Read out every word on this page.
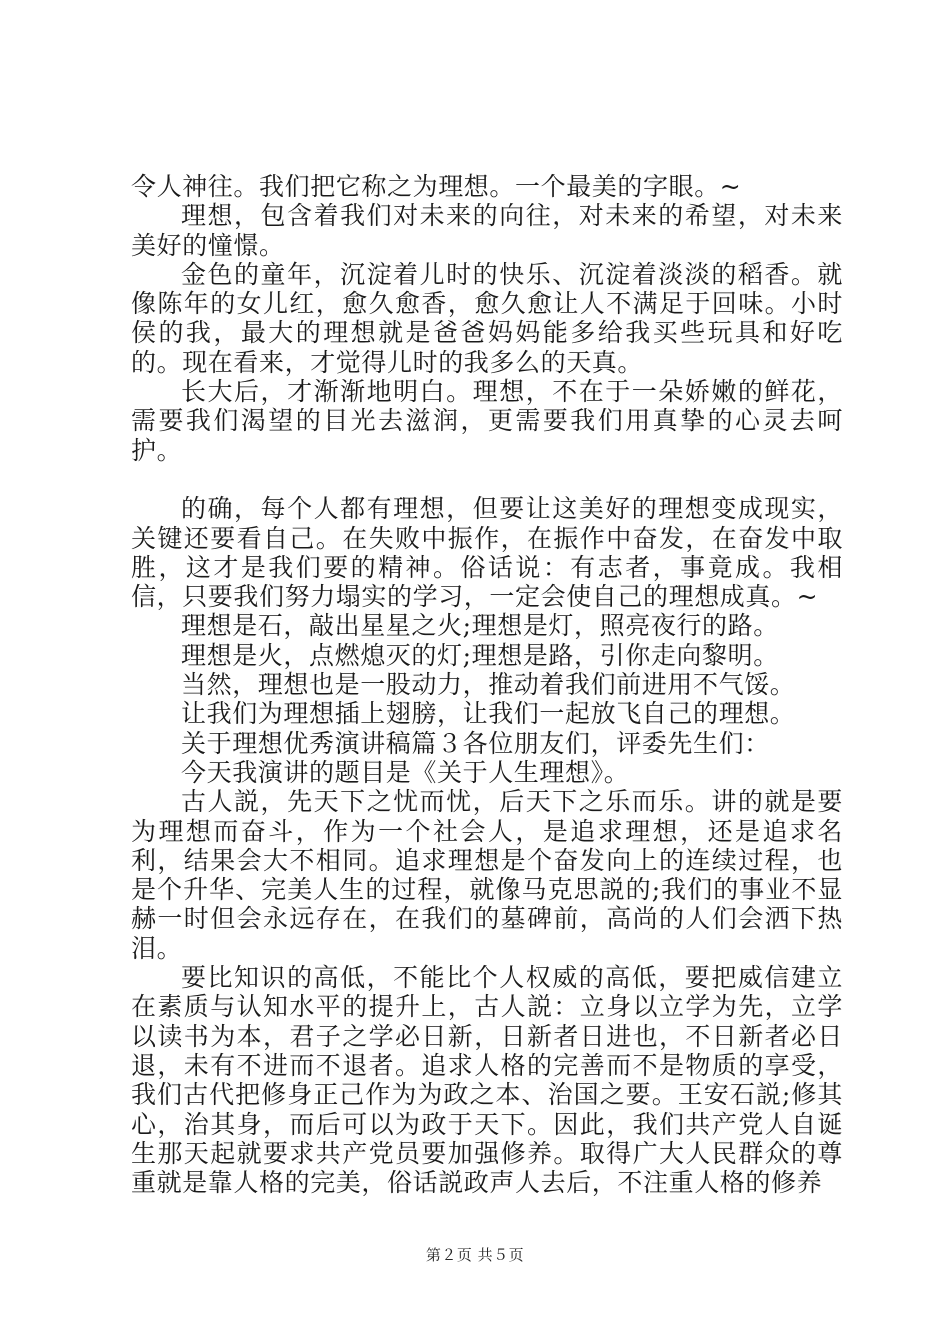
令人神往。我们把它称之为理想。一个最美的字眼。~

理想，包含着我们对未来的向往，对未来的希望，对未来美好的憧憬。

金色的童年，沉淀着儿时的快乐、沉淀着淡淡的稻香。就像陈年的女儿红，愈久愈香，愈久愈让人不满足于回味。小时侯的我，最大的理想就是爸爸妈妈能多给我买些玩具和好吃的。现在看来，才觉得儿时的我多么的天真。

长大后，才渐渐地明白。理想，不在于一朵娇嫩的鲜花，需要我们渴望的目光去滋润，更需要我们用真挚的心灵去呵护。

的确，每个人都有理想，但要让这美好的理想变成现实，关键还要看自己。在失败中振作，在振作中奋发，在奋发中取胜，这才是我们要的精神。俗话说：有志者，事竟成。我相信，只要我们努力塌实的学习，一定会使自己的理想成真。~

理想是石，敲出星星之火;理想是灯，照亮夜行的路。

理想是火，点燃熄灭的灯;理想是路，引你走向黎明。

当然，理想也是一股动力，推动着我们前进用不气馁。

让我们为理想插上翅膀，让我们一起放飞自己的理想。

关于理想优秀演讲稿篇３各位朋友们，评委先生们：

今天我演讲的题目是《关于人生理想》。

古人説，先天下之忧而忧，后天下之乐而乐。讲的就是要为理想而奋斗，作为一个社会人，是追求理想，还是追求名利，结果会大不相同。追求理想是个奋发向上的连续过程，也是个升华、完美人生的过程，就像马克思説的;我们的事业不显赫一时但会永远存在，在我们的墓碑前，高尚的人们会洒下热泪。

要比知识的高低，不能比个人权威的高低，要把威信建立在素质与认知水平的提升上，古人説：立身以立学为先，立学以读书为本，君子之学必日新，日新者日进也，不日新者必日退，未有不进而不退者。追求人格的完善而不是物质的享受，我们古代把修身正己作为为政之本、治国之要。王安石説;修其心，治其身，而后可以为政于天下。因此，我们共产党人自诞生那天起就要求共产党员要加强修养。取得广大人民群众的尊重就是靠人格的完美，俗话説政声人去后，不注重人格的修养

第２页 共５页
